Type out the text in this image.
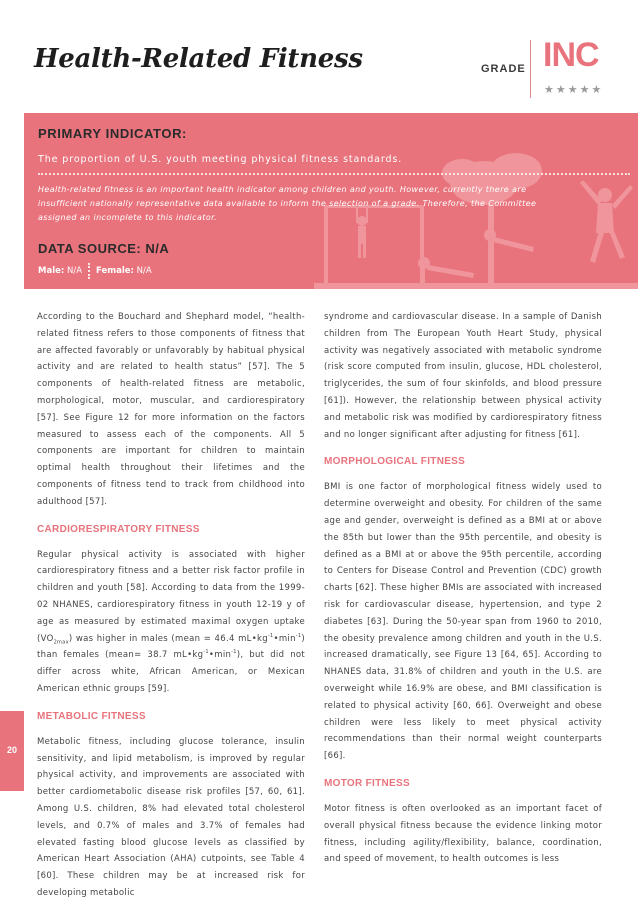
Health-Related Fitness	GRADE INC
★ ★ ★ ★ ★
PRIMARY INDICATOR:
The proportion of U.S. youth meeting physical fitness standards.
Health-related fitness is an important health indicator among children and youth. However, currently there are insufficient nationally representative data available to inform the selection of a grade. Therefore, the Committee assigned an incomplete to this indicator.
DATA SOURCE: N/A
Male:
N/A Female:
N/A

According to the Bouchard and Shephard model, “health-related fitness refers to those components of fitness that are affected favorably or unfavorably by habitual physical activity and are related to health status” [57]. The 5 components of health-related fitness are metabolic, morphological, motor, muscular, and cardiorespiratory [57]. See Figure 12 for more information on the factors measured to assess each of the components. All 5 components are important for children to maintain optimal health throughout their lifetimes and the components of fitness tend to track from childhood into adulthood [57].

CARDIORESPIRATORY FITNESS

Regular physical activity is associated with higher cardiorespiratory fitness and a better risk factor profile in children and youth [58]. According to data from the 1999-02 NHANES, cardiorespiratory fitness in youth 12-19 y of age as measured by estimated maximal oxygen uptake $(VO_{2max})$ was higher in males (mean = 46.4 $mL•kg^{-1}•\min^{-1}$) than females (mean= 38.7 $mL•kg^{-1}•\min^{-1}$), but did not differ across white, African American, or Mexican American ethnic groups [59].

METABOLIC FITNESS

Metabolic fitness, including glucose tolerance, insulin sensitivity, and lipid metabolism, is improved by regular physical activity, and improvements are associated with better cardiometabolic disease risk profiles [57, 60, 61]. Among U.S. children, 8% had elevated total cholesterol levels, and 0.7% of males and 3.7% of females had elevated fasting blood glucose levels as classified by American Heart Association (AHA) cutpoints, see Table 4 [60]. These children may be at increased risk for developing metabolic

syndrome and cardiovascular disease. In a sample of Danish children from The European Youth Heart Study, physical activity was negatively associated with metabolic syndrome (risk score computed from insulin, glucose, HDL cholesterol, triglycerides, the sum of four skinfolds, and blood pressure [61]). However, the relationship between physical activity and metabolic risk was modified by cardiorespiratory fitness and no longer significant after adjusting for fitness [61].

MORPHOLOGICAL FITNESS

BMI is one factor of morphological fitness widely used to determine overweight and obesity. For children of the same age and gender, overweight is defined as a BMI at or above the 85th but lower than the 95th percentile, and obesity is defined as a BMI at or above the 95th percentile, according to Centers for Disease Control and Prevention (CDC) growth charts [62]. These higher BMIs are associated with increased risk for cardiovascular disease, hypertension, and type 2 diabetes [63]. During the 50-year span from 1960 to 2010, the obesity prevalence among children and youth in the U.S. increased dramatically, see Figure 13 [64, 65]. According to NHANES data, 31.8% of children and youth in the U.S. are overweight while 16.9% are obese, and BMI classification is related to physical activity [60, 66]. Overweight and obese children were less likely to meet physical activity recommendations than their normal weight counterparts [66].

MOTOR FITNESS

Motor fitness is often overlooked as an important facet of overall physical fitness because the evidence linking motor fitness, including agility/flexibility, balance, coordination, and speed of movement, to health outcomes is less

20
